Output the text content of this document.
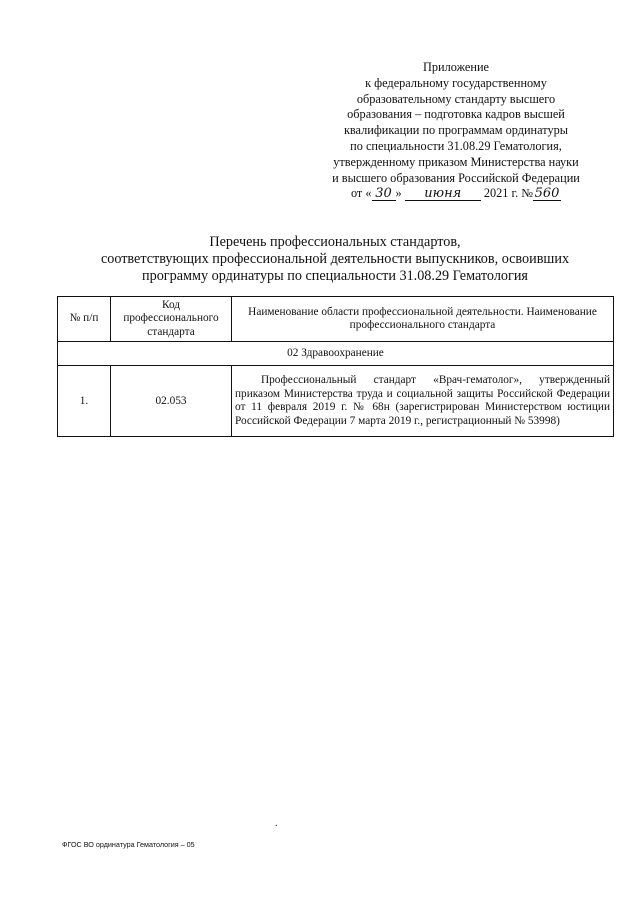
Приложение
к федеральному государственному
образовательному стандарту высшего
образования – подготовка кадров высшей
квалификации по программам ординатуры
по специальности 31.08.29 Гематология,
утвержденному приказом Министерства науки
и высшего образования Российской Федерации
от « 30 » июня 2021 г. № 560
Перечень профессиональных стандартов,
соответствующих профессиональной деятельности выпускников, освоивших
программу ординатуры по специальности 31.08.29 Гематология
№ п/п	Код профессионального стандарта	Наименование области профессиональной деятельности. Наименование профессионального стандарта
02 Здравоохранение		
1.	02.053	Профессиональный стандарт «Врач-гематолог», утвержденный приказом Министерства труда и социальной защиты Российской Федерации от 11 февраля 2019 г. № 68н (зарегистрирован Министерством юстиции Российской Федерации 7 марта 2019 г., регистрационный № 53998)
.
ФГОС ВО ординатура Гематология – 05
